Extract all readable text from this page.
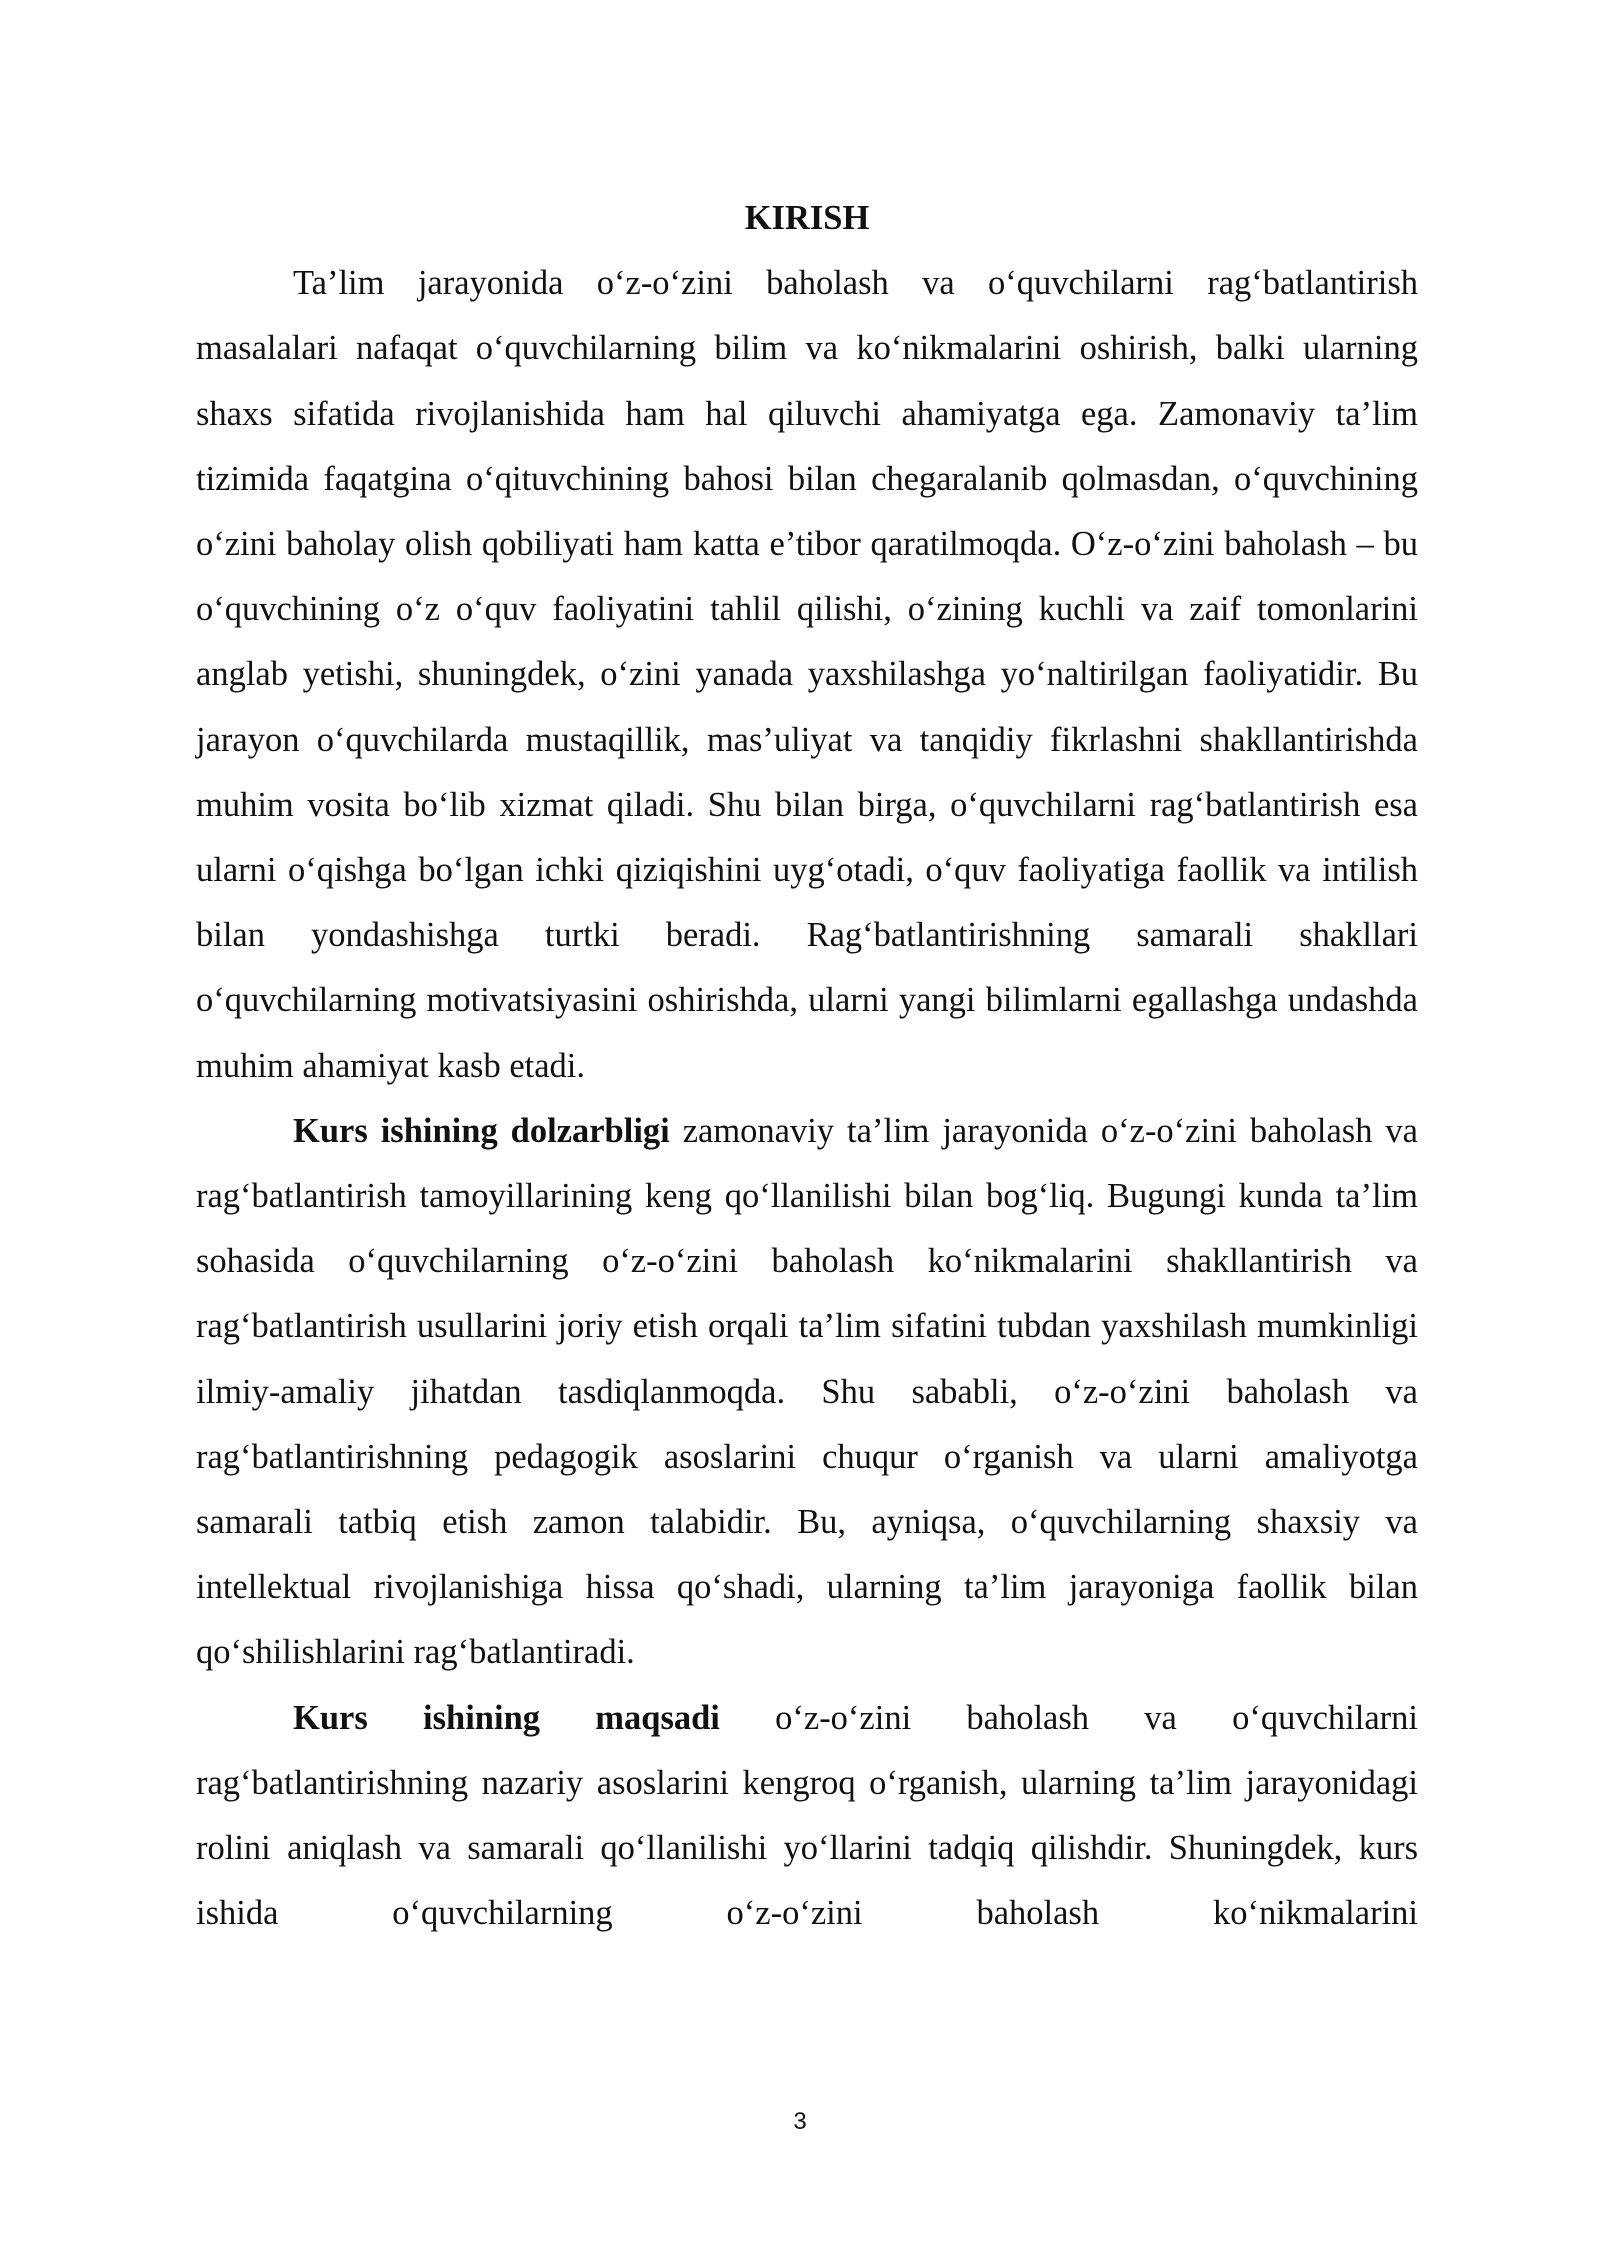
KIRISH

Ta’lim jarayonida o‘z-o‘zini baholash va o‘quvchilarni rag‘batlantirish masalalari nafaqat o‘quvchilarning bilim va ko‘nikmalarini oshirish, balki ularning shaxs sifatida rivojlanishida ham hal qiluvchi ahamiyatga ega. Zamonaviy ta’lim tizimida faqatgina o‘qituvchining bahosi bilan chegaralanib qolmasdan, o‘quvchining o‘zini baholay olish qobiliyati ham katta e’tibor qaratilmoqda. O‘z-o‘zini baholash – bu o‘quvchining o‘z o‘quv faoliyatini tahlil qilishi, o‘zining kuchli va zaif tomonlarini anglab yetishi, shuningdek, o‘zini yanada yaxshilashga yo‘naltirilgan faoliyatidir. Bu jarayon o‘quvchilarda mustaqillik, mas’uliyat va tanqidiy fikrlashni shakllantirishda muhim vosita bo‘lib xizmat qiladi. Shu bilan birga, o‘quvchilarni rag‘batlantirish esa ularni o‘qishga bo‘lgan ichki qiziqishini uyg‘otadi, o‘quv faoliyatiga faollik va intilish bilan yondashishga turtki beradi. Rag‘batlantirishning samarali shakllari o‘quvchilarning motivatsiyasini oshirishda, ularni yangi bilimlarni egallashga undashda muhim ahamiyat kasb etadi.

Kurs ishining dolzarbligi zamonaviy ta’lim jarayonida o‘z-o‘zini baholash va rag‘batlantirish tamoyillarining keng qo‘llanilishi bilan bog‘liq. Bugungi kunda ta’lim sohasida o‘quvchilarning o‘z-o‘zini baholash ko‘nikmalarini shakllantirish va rag‘batlantirish usullarini joriy etish orqali ta’lim sifatini tubdan yaxshilash mumkinligi ilmiy-amaliy jihatdan tasdiqlanmoqda. Shu sababli, o‘z-o‘zini baholash va rag‘batlantirishning pedagogik asoslarini chuqur o‘rganish va ularni amaliyotga samarali tatbiq etish zamon talabidir. Bu, ayniqsa, o‘quvchilarning shaxsiy va intellektual rivojlanishiga hissa qo‘shadi, ularning ta’lim jarayoniga faollik bilan qo‘shilishlarini rag‘batlantiradi.

Kurs ishining maqsadi o‘z-o‘zini baholash va o‘quvchilarni rag‘batlantirishning nazariy asoslarini kengroq o‘rganish, ularning ta’lim jarayonidagi rolini aniqlash va samarali qo‘llanilishi yo‘llarini tadqiq qilishdir. Shuningdek, kurs ishida o‘quvchilarning o‘z-o‘zini baholash ko‘nikmalarini

3
